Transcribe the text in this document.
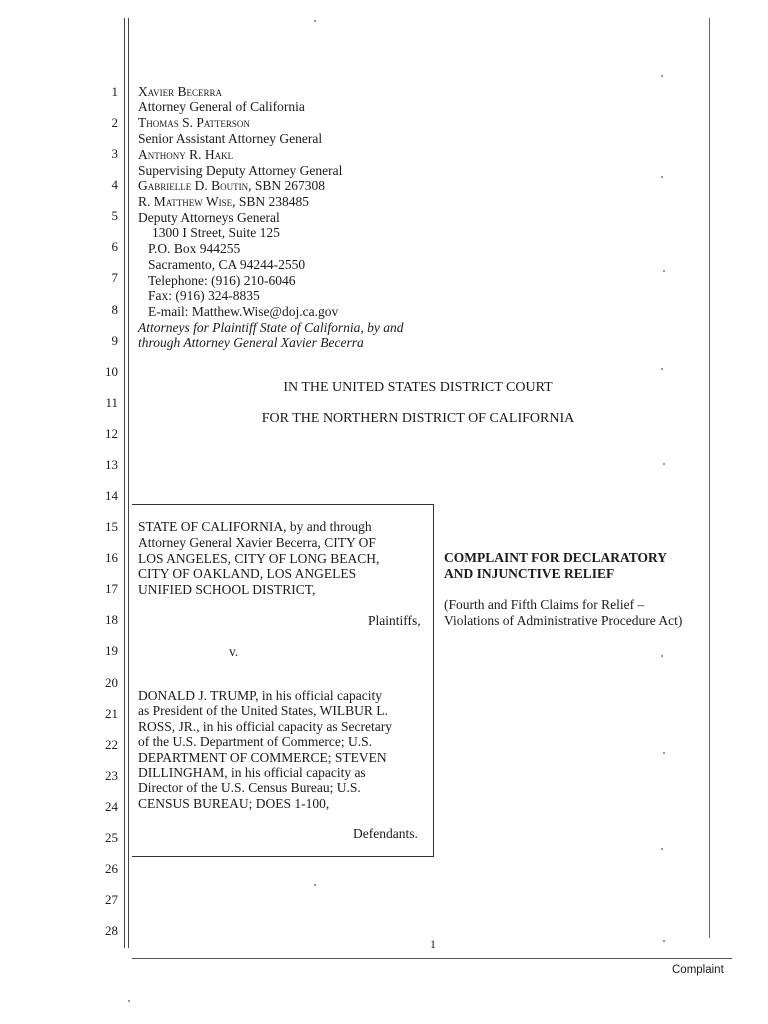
1
2
3
4
5
6
7
8
9
10
11
12
13
14
15
16
17
18
19
20
21
22
23
24
25
26
27
28
Xavier Becerra
Attorney General of California
Thomas S. Patterson
Senior Assistant Attorney General
Anthony R. Hakl
Supervising Deputy Attorney General
Gabrielle D. Boutin, SBN 267308
R. Matthew Wise, SBN 238485
Deputy Attorneys General
1300 I Street, Suite 125
P.O. Box 944255
Sacramento, CA 94244-2550
Telephone: (916) 210-6046
Fax: (916) 324-8835
E-mail: Matthew.Wise@doj.ca.gov
Attorneys for Plaintiff State of California, by and
through Attorney General Xavier Becerra
IN THE UNITED STATES DISTRICT COURT
FOR THE NORTHERN DISTRICT OF CALIFORNIA
STATE OF CALIFORNIA, by and through
Attorney General Xavier Becerra, CITY OF
LOS ANGELES, CITY OF LONG BEACH,
CITY OF OAKLAND, LOS ANGELES
UNIFIED SCHOOL DISTRICT,
Plaintiffs,
v.
DONALD J. TRUMP, in his official capacity
as President of the United States, WILBUR L.
ROSS, JR., in his official capacity as Secretary
of the U.S. Department of Commerce; U.S.
DEPARTMENT OF COMMERCE; STEVEN
DILLINGHAM, in his official capacity as
Director of the U.S. Census Bureau; U.S.
CENSUS BUREAU; DOES 1-100,
Defendants.
COMPLAINT FOR DECLARATORY
AND INJUNCTIVE RELIEF
(Fourth and Fifth Claims for Relief –
Violations of Administrative Procedure Act)
1
Complaint
